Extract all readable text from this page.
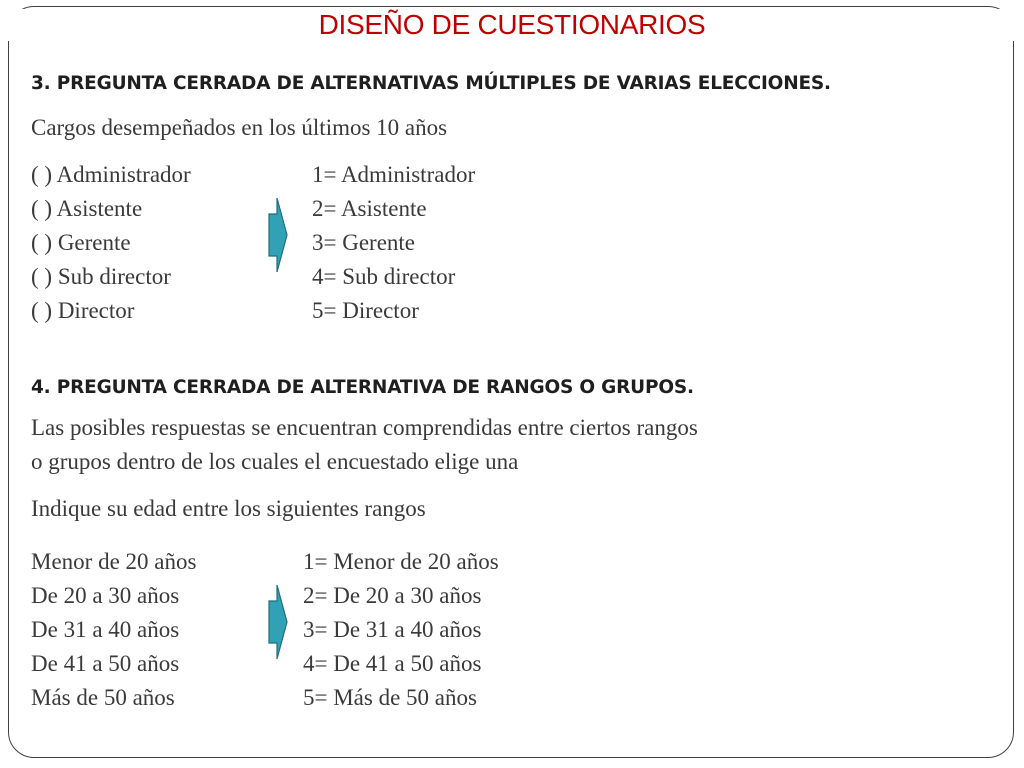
DISEÑO DE CUESTIONARIOS
3. PREGUNTA CERRADA DE ALTERNATIVAS MÚLTIPLES DE VARIAS ELECCIONES.
Cargos desempeñados en los últimos 10 años
( ) Administrador
( ) Asistente
( ) Gerente
( ) Sub director
( ) Director
1= Administrador
2= Asistente
3= Gerente
4= Sub director
5= Director
4. PREGUNTA CERRADA DE ALTERNATIVA DE RANGOS O GRUPOS.
Las posibles respuestas se encuentran comprendidas entre ciertos rangos
o grupos dentro de los cuales el encuestado elige una
Indique su edad entre los siguientes rangos
Menor de 20 años
De 20 a 30 años
De 31 a 40 años
De 41 a 50 años
Más de 50 años
1= Menor de 20 años
2= De 20 a 30 años
3= De 31 a 40 años
4= De 41 a 50 años
5= Más de 50 años
